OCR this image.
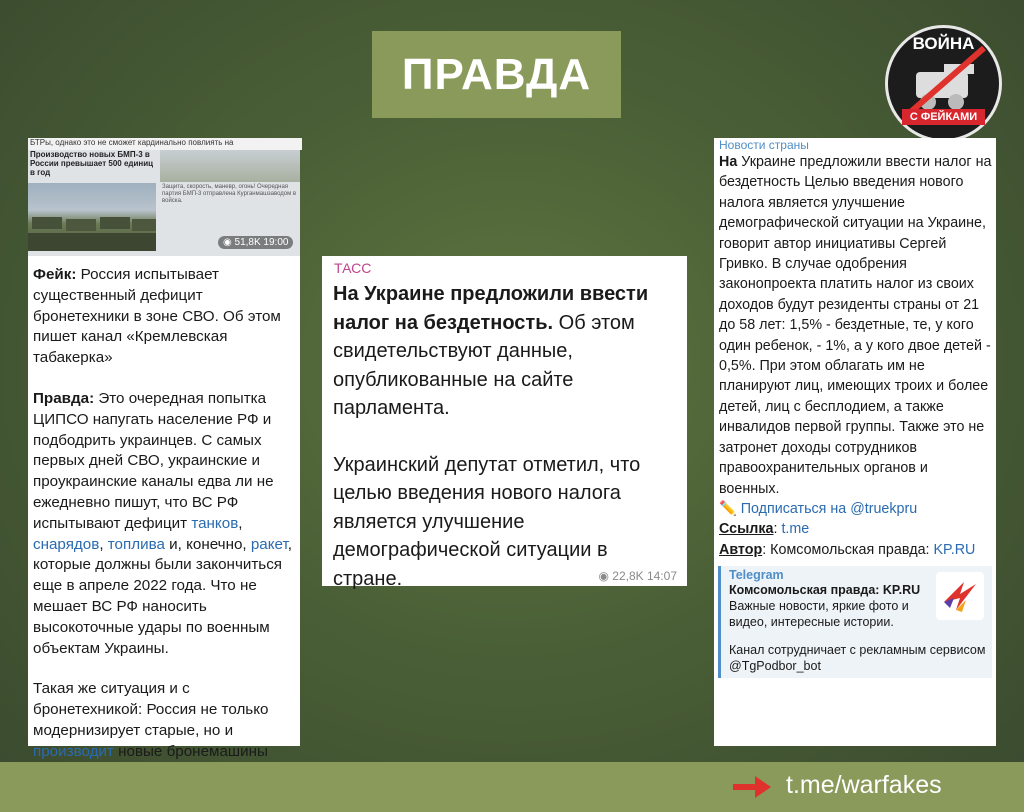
ПРАВДА
ВОЙНА
С ФЕЙКАМИ
БТРы, однако это не сможет кардинально повлиять на
Производство новых БМП-3 в России превышает 500 единиц в год
Защита, скорость, маневр, огонь! Очередная партия БМП-3 отправлена Курганмашзаводом в войска.
◉ 51,8K 19:00

Фейк: Россия испытывает существенный дефицит бронетехники в зоне СВО. Об этом пишет канал «Кремлевская табакерка»

Правда: Это очередная попытка ЦИПСО напугать население РФ и подбодрить украинцев. С самых первых дней СВО, украинские и проукраинские каналы едва ли не ежедневно пишут, что ВС РФ испытывают дефицит танков, снарядов, топлива и, конечно, ракет, которые должны были закончиться еще в апреле 2022 года. Что не мешает ВС РФ наносить высокоточные удары по военным объектам Украины.

Такая же ситуация и с бронетехникой: Россия не только модернизирует старые, но и производит новые бронемашины

ТАСС

На Украине предложили ввести налог на бездетность. Об этом свидетельствуют данные, опубликованные на сайте парламента.

Украинский депутат отметил, что целью введения нового налога является улучшение демографической ситуации в стране.	◉ 22,8K 14:07
Новости страны
На Украине предложили ввести налог на бездетность Целью введения нового налога является улучшение демографической ситуации на Украине, говорит автор инициативы Сергей Гривко. В случае одобрения законопроекта платить налог из своих доходов будут резиденты страны от 21 до 58 лет: 1,5% - бездетные, те, у кого один ребенок, - 1%, а у кого двое детей - 0,5%. При этом облагать им не планируют лиц, имеющих троих и более детей, лиц с бесплодием, а также инвалидов первой группы. Также это не затронет доходы сотрудников правоохранительных органов и военных.
✏️ Подписаться на @truekpru
Ссылка: t.me
Автор: Комсомольская правда: KP.RU
Telegram
Комсомольская правда: KP.RU
Важные новости, яркие фото и видео, интересные истории.
Канал сотрудничает с рекламным сервисом @TgPodbor_bot
t.me/warfakes
